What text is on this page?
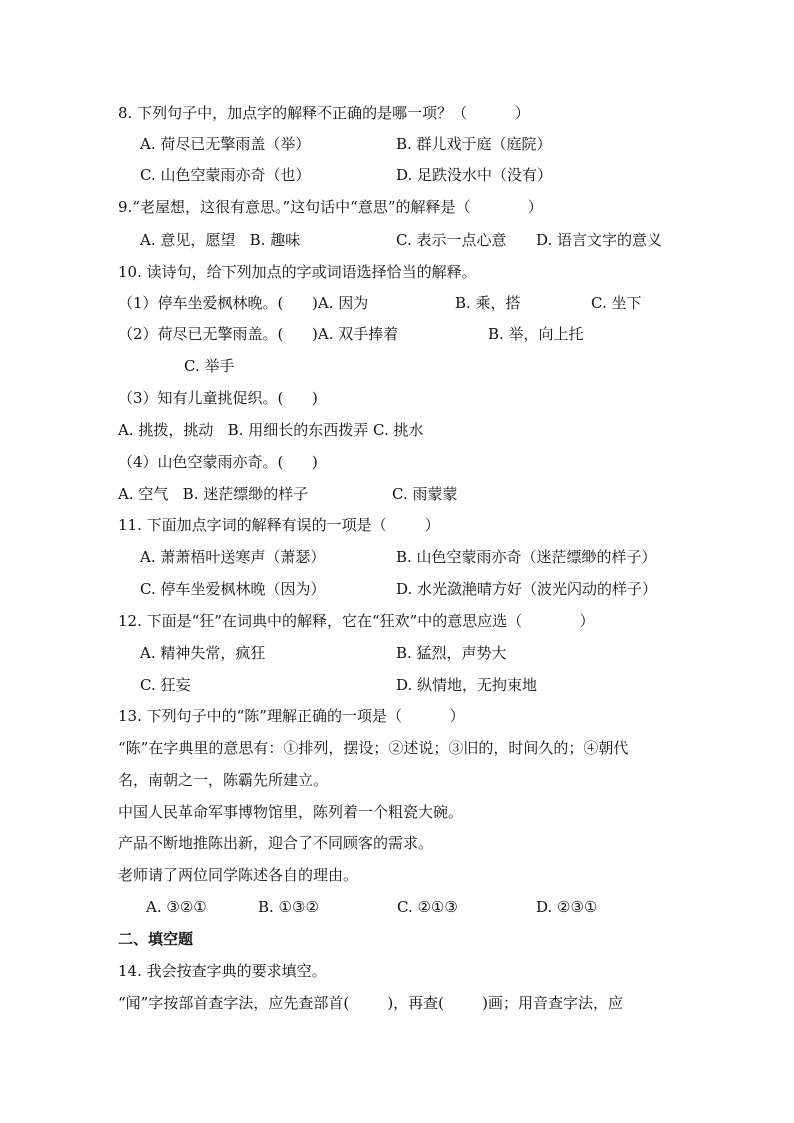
8. 下列句子中，加点字的解释不正确的是哪一项？（          ）
A. 荷尽已无擎雨盖（举）	B. 群儿戏于庭（庭院）
C. 山色空蒙雨亦奇（也）	D. 足跌没水中（没有）
9.“老屋想，这很有意思。”这句话中“意思”的解释是（            ）
A. 意见，愿望   B. 趣味	C. 表示一点心意 D. 语言文字的意义
10. 读诗句，给下列加点的字或词语选择恰当的解释。
（1）停车坐爱枫林晚。(      )A. 因为	B. 乘，搭	C. 坐下
（2）荷尽已无擎雨盖。(      )A. 双手捧着	B. 举，向上托
C. 举手
（3）知有儿童挑促织。(      )
A. 挑拨，挑动   B. 用细长的东西拨弄 C. 挑水
（4）山色空蒙雨亦奇。(      )
A. 空气   B. 迷茫缥缈的样子	C. 雨蒙蒙
11. 下面加点字词的解释有误的一项是（        ）
A. 萧萧梧叶送寒声（萧瑟）	B. 山色空蒙雨亦奇（迷茫缥缈的样子）
C. 停车坐爱枫林晚（因为）	D. 水光潋滟晴方好（波光闪动的样子）
12. 下面是“狂”在词典中的解释，它在“狂欢”中的意思应选（            ）
A. 精神失常，疯狂	B. 猛烈，声势大
C. 狂妄	D. 纵情地，无拘束地
13. 下列句子中的“陈”理解正确的一项是（          ）
“陈”在字典里的意思有：①排列，摆设；②述说；③旧的，时间久的；④朝代
名，南朝之一，陈霸先所建立。
中国人民革命军事博物馆里，陈列着一个粗瓷大碗。
产品不断地推陈出新，迎合了不同顾客的需求。
老师请了两位同学陈述各自的理由。
A. ③②①	B. ①③②	C. ②①③	D. ②③①
二、填空题
14. 我会按查字典的要求填空。
“闻”字按部首查字法，应先查部首(        )，再查(        )画；用音查字法，应
